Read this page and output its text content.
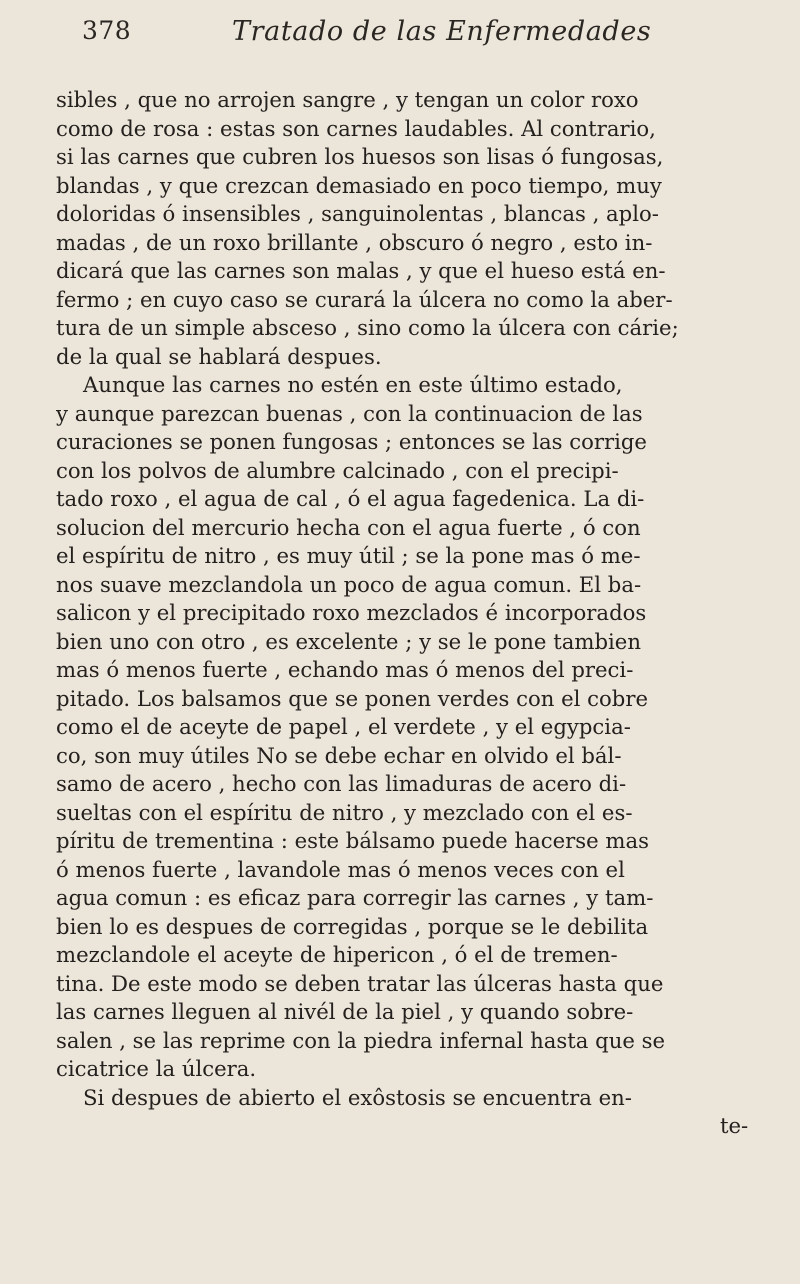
378	Tratado de las Enfermedades
sibles , que no arrojen sangre , y tengan un color roxo
como de rosa : estas son carnes laudables. Al contrario,
si las carnes que cubren los huesos son lisas ó fungosas,
blandas , y que crezcan demasiado en poco tiempo, muy
doloridas ó insensibles , sanguinolentas , blancas , aplo-
madas , de un roxo brillante , obscuro ó negro , esto in-
dicará que las carnes son malas , y que el hueso está en-
fermo ; en cuyo caso se curará la úlcera no como la aber-
tura de un simple absceso , sino como la úlcera con cárie;
de la qual se hablará despues.
Aunque las carnes no estén en este último estado,
y aunque parezcan buenas , con la continuacion de las
curaciones se ponen fungosas ; entonces se las corrige
con los polvos de alumbre calcinado , con el precipi-
tado roxo , el agua de cal , ó el agua fagedenica. La di-
solucion del mercurio hecha con el agua fuerte , ó con
el espíritu de nitro , es muy útil ; se la pone mas ó me-
nos suave mezclandola un poco de agua comun. El ba-
salicon y el precipitado roxo mezclados é incorporados
bien uno con otro , es excelente ; y se le pone tambien
mas ó menos fuerte , echando mas ó menos del preci-
pitado. Los balsamos que se ponen verdes con el cobre
como el de aceyte de papel , el verdete , y el egypcia-
co, son muy útiles No se debe echar en olvido el bál-
samo de acero , hecho con las limaduras de acero di-
sueltas con el espíritu de nitro , y mezclado con el es-
píritu de trementina : este bálsamo puede hacerse mas
ó menos fuerte , lavandole mas ó menos veces con el
agua comun : es eficaz para corregir las carnes , y tam-
bien lo es despues de corregidas , porque se le debilita
mezclandole el aceyte de hipericon , ó el de tremen-
tina. De este modo se deben tratar las úlceras hasta que
las carnes lleguen al nivél de la piel , y quando sobre-
salen , se las reprime con la piedra infernal hasta que se
cicatrice la úlcera.
Si despues de abierto el exôstosis se encuentra en-
te-
